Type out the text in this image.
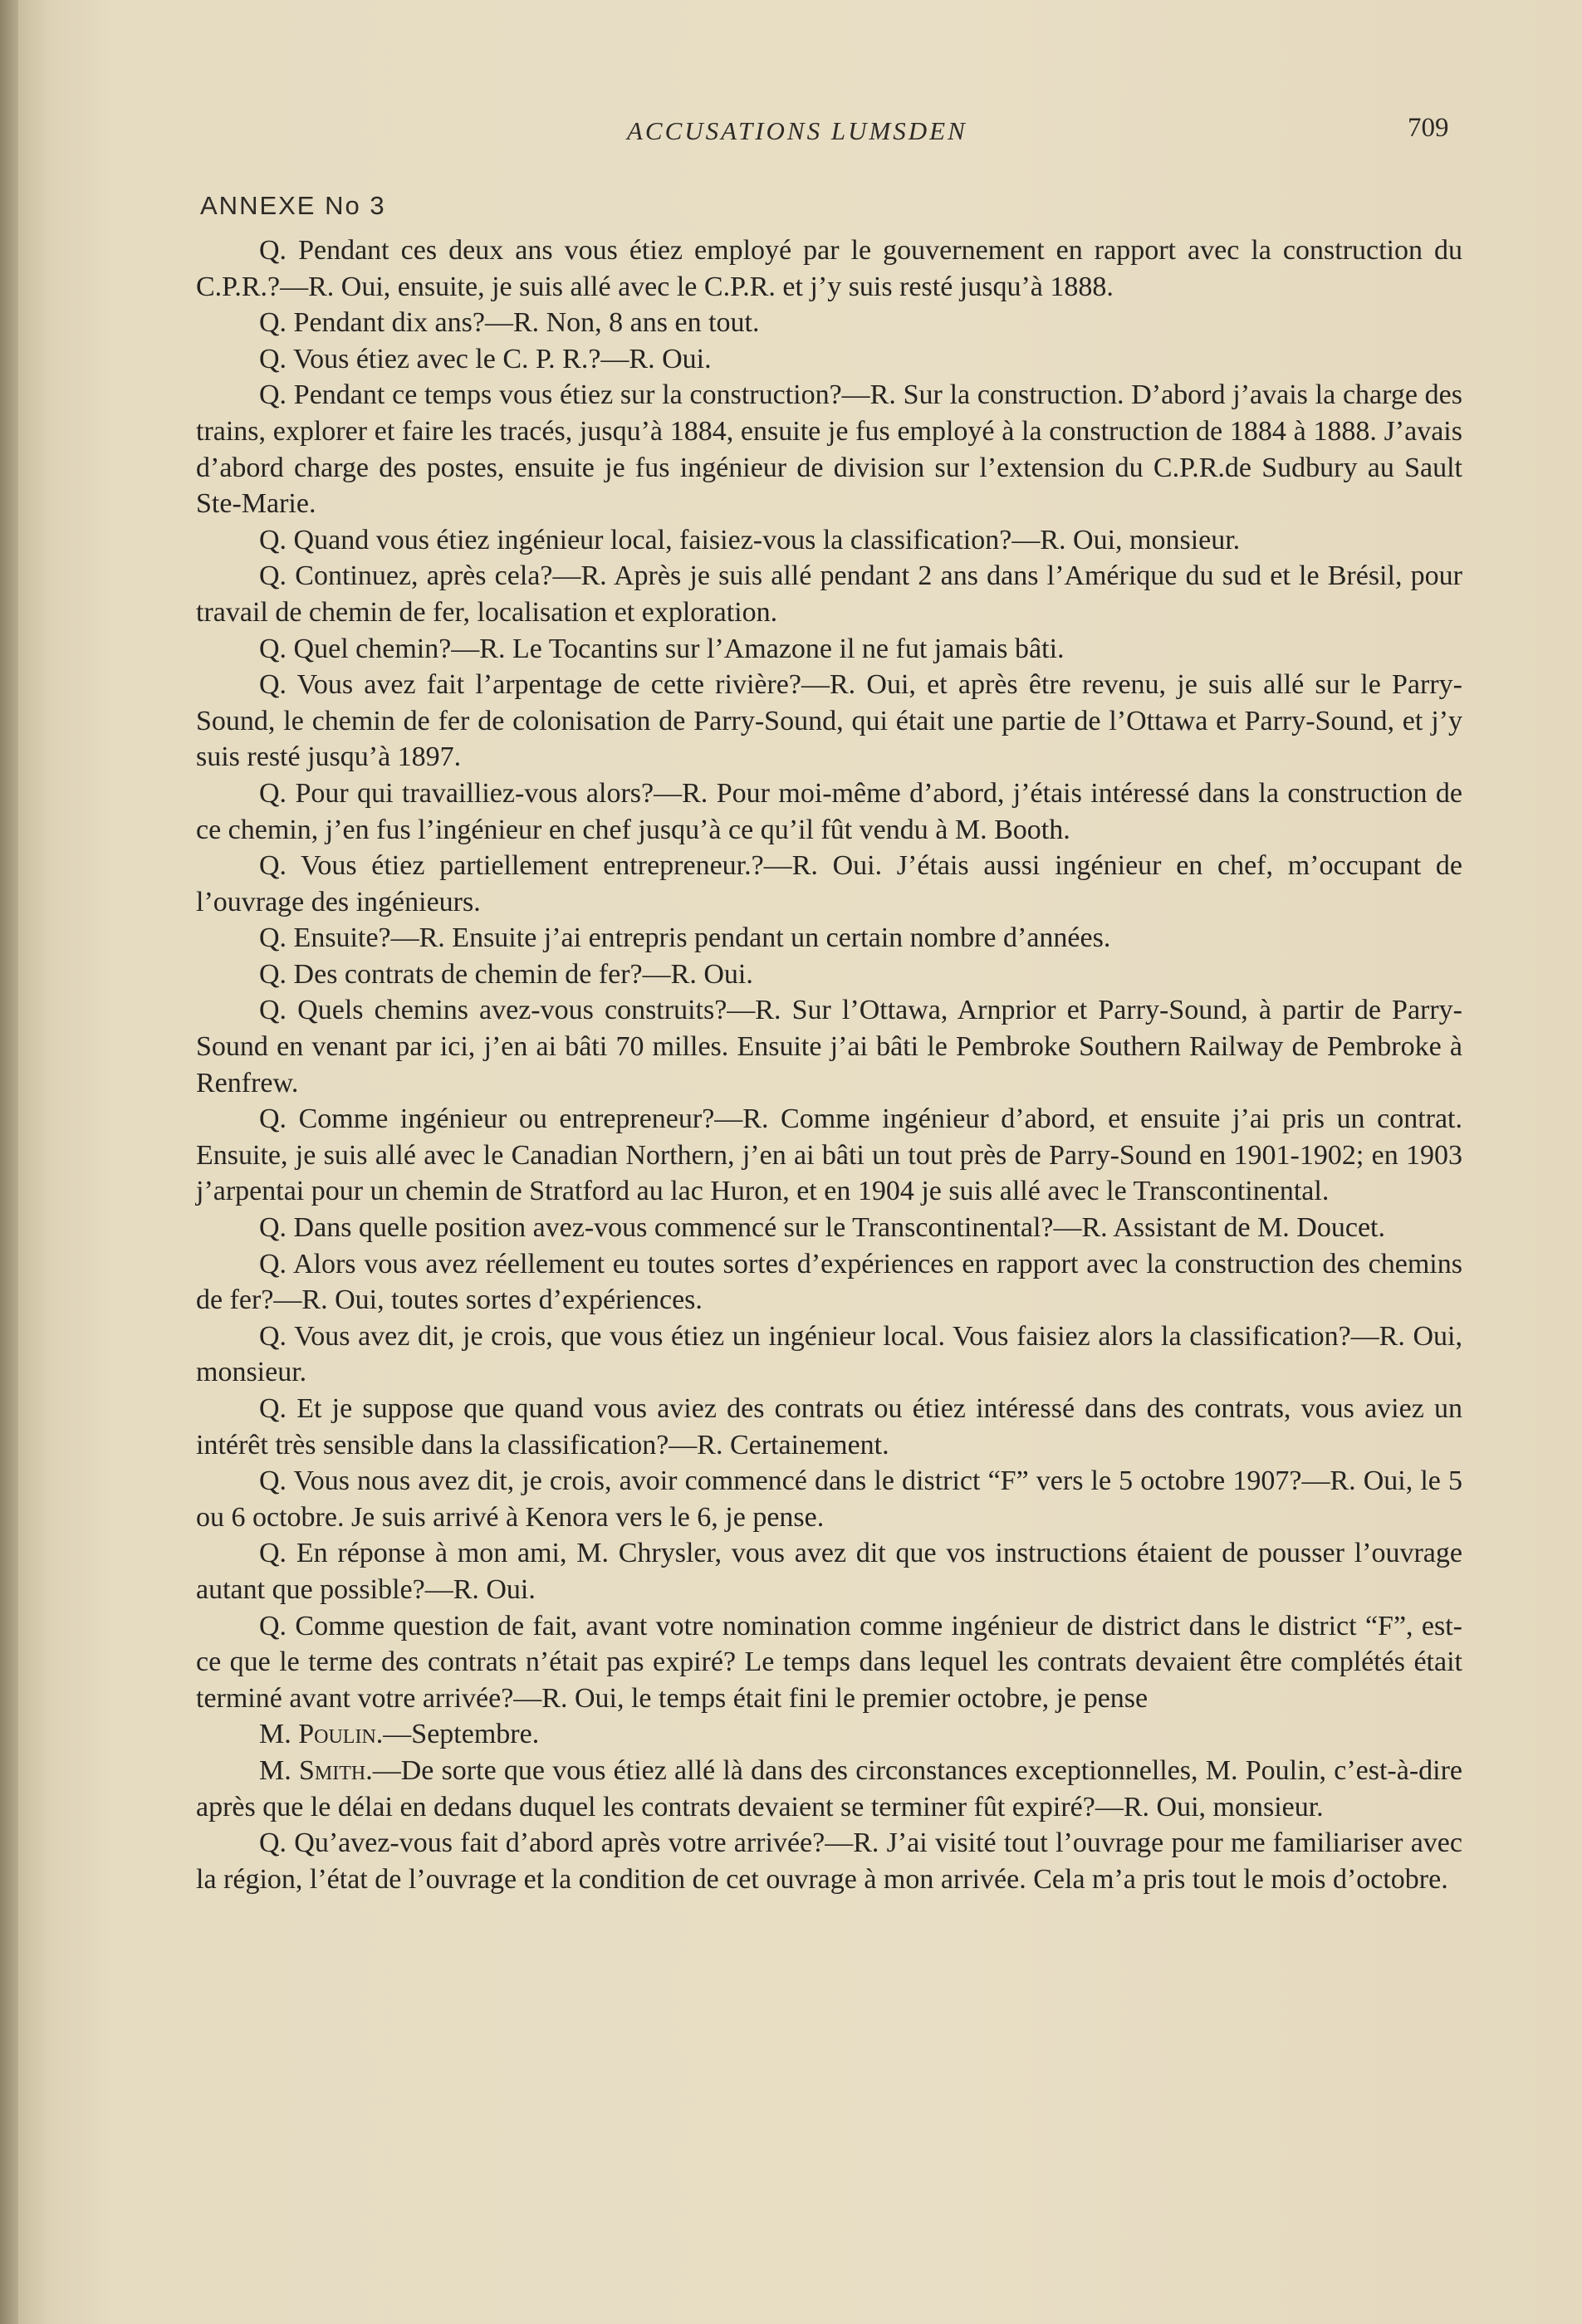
ACCUSATIONS LUMSDEN	709
ANNEXE No 3

Q. Pendant ces deux ans vous étiez employé par le gouvernement en rapport avec la construction du C.P.R.?—R. Oui, ensuite, je suis allé avec le C.P.R. et j’y suis resté jusqu’à 1888.

Q. Pendant dix ans?—R. Non, 8 ans en tout.

Q. Vous étiez avec le C. P. R.?—R. Oui.

Q. Pendant ce temps vous étiez sur la construction?—R. Sur la construction. D’abord j’avais la charge des trains, explorer et faire les tracés, jusqu’à 1884, ensuite je fus employé à la construction de 1884 à 1888. J’avais d’abord charge des postes, ensuite je fus ingénieur de division sur l’extension du C.P.R.de Sudbury au Sault Ste-Marie.

Q. Quand vous étiez ingénieur local, faisiez-vous la classification?—R. Oui, monsieur.

Q. Continuez, après cela?—R. Après je suis allé pendant 2 ans dans l’Amérique du sud et le Brésil, pour travail de chemin de fer, localisation et exploration.

Q. Quel chemin?—R. Le Tocantins sur l’Amazone il ne fut jamais bâti.

Q. Vous avez fait l’arpentage de cette rivière?—R. Oui, et après être revenu, je suis allé sur le Parry-Sound, le chemin de fer de colonisation de Parry-Sound, qui était une partie de l’Ottawa et Parry-Sound, et j’y suis resté jusqu’à 1897.

Q. Pour qui travailliez-vous alors?—R. Pour moi-même d’abord, j’étais intéressé dans la construction de ce chemin, j’en fus l’ingénieur en chef jusqu’à ce qu’il fût vendu à M. Booth.

Q. Vous étiez partiellement entrepreneur.?—R. Oui. J’étais aussi ingénieur en chef, m’occupant de l’ouvrage des ingénieurs.

Q. Ensuite?—R. Ensuite j’ai entrepris pendant un certain nombre d’années.

Q. Des contrats de chemin de fer?—R. Oui.

Q. Quels chemins avez-vous construits?—R. Sur l’Ottawa, Arnprior et Parry-Sound, à partir de Parry-Sound en venant par ici, j’en ai bâti 70 milles. Ensuite j’ai bâti le Pembroke Southern Railway de Pembroke à Renfrew.

Q. Comme ingénieur ou entrepreneur?—R. Comme ingénieur d’abord, et ensuite j’ai pris un contrat. Ensuite, je suis allé avec le Canadian Northern, j’en ai bâti un tout près de Parry-Sound en 1901-1902; en 1903 j’arpentai pour un chemin de Stratford au lac Huron, et en 1904 je suis allé avec le Transcontinental.

Q. Dans quelle position avez-vous commencé sur le Transcontinental?—R. Assistant de M. Doucet.

Q. Alors vous avez réellement eu toutes sortes d’expériences en rapport avec la construction des chemins de fer?—R. Oui, toutes sortes d’expériences.

Q. Vous avez dit, je crois, que vous étiez un ingénieur local. Vous faisiez alors la classification?—R. Oui, monsieur.

Q. Et je suppose que quand vous aviez des contrats ou étiez intéressé dans des contrats, vous aviez un intérêt très sensible dans la classification?—R. Certainement.

Q. Vous nous avez dit, je crois, avoir commencé dans le district “F” vers le 5 octobre 1907?—R. Oui, le 5 ou 6 octobre. Je suis arrivé à Kenora vers le 6, je pense.

Q. En réponse à mon ami, M. Chrysler, vous avez dit que vos instructions étaient de pousser l’ouvrage autant que possible?—R. Oui.

Q. Comme question de fait, avant votre nomination comme ingénieur de district dans le district “F”, est-ce que le terme des contrats n’était pas expiré? Le temps dans lequel les contrats devaient être complétés était terminé avant votre arrivée?—R. Oui, le temps était fini le premier octobre, je pense

M. Poulin.—Septembre.

M. Smith.—De sorte que vous étiez allé là dans des circonstances exceptionnelles, M. Poulin, c’est-à-dire après que le délai en dedans duquel les contrats devaient se terminer fût expiré?—R. Oui, monsieur.

Q. Qu’avez-vous fait d’abord après votre arrivée?—R. J’ai visité tout l’ouvrage pour me familiariser avec la région, l’état de l’ouvrage et la condition de cet ouvrage à mon arrivée. Cela m’a pris tout le mois d’octobre.
